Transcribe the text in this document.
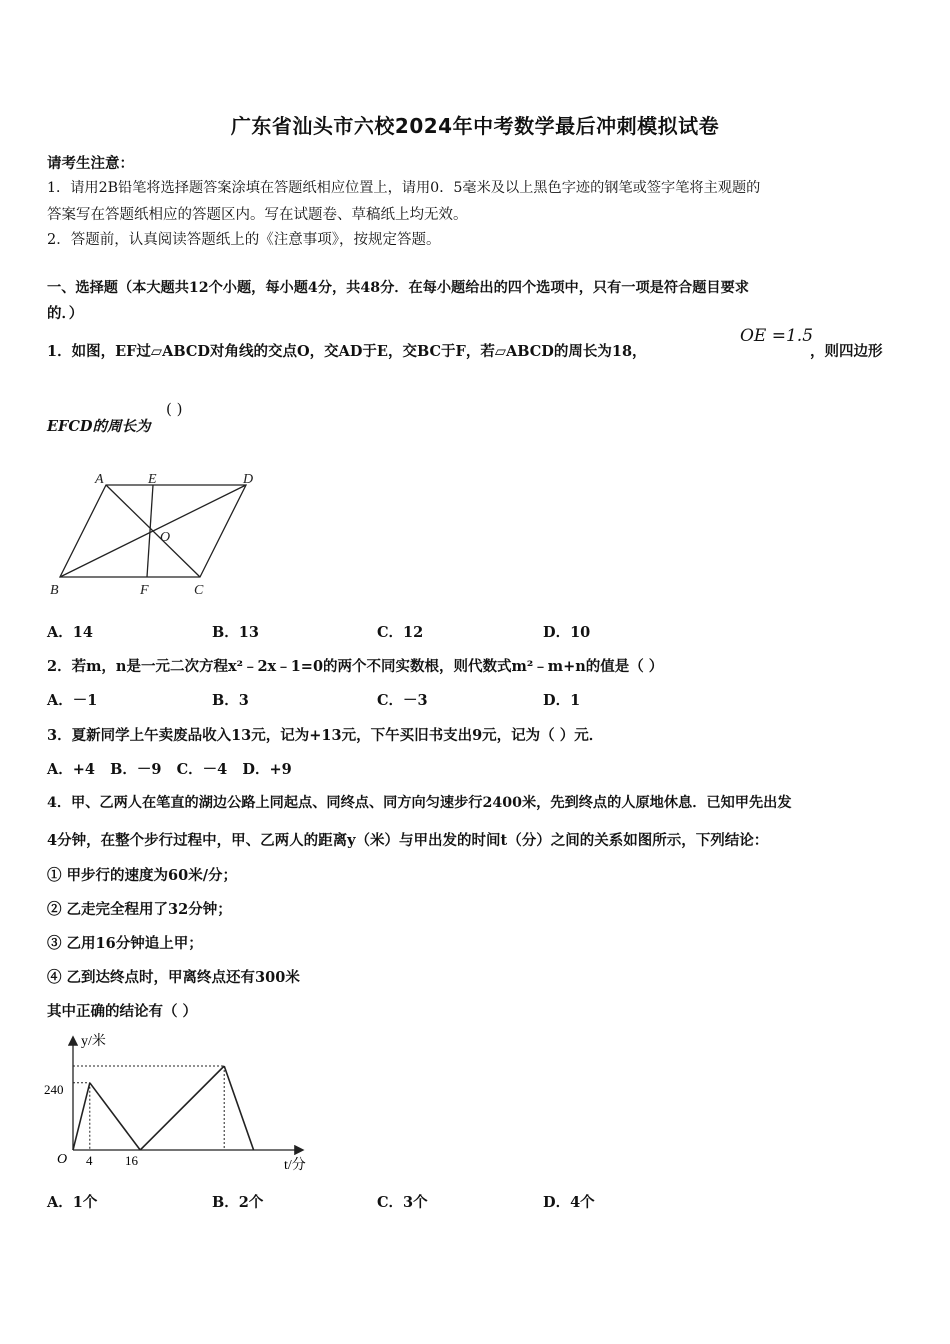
广东省汕头市六校2024年中考数学最后冲刺模拟试卷
请考生注意：
1．请用2B铅笔将选择题答案涂填在答题纸相应位置上，请用0．5毫米及以上黑色字迹的钢笔或签字笔将主观题的
答案写在答题纸相应的答题区内。写在试题卷、草稿纸上均无效。
2．答题前，认真阅读答题纸上的《注意事项》，按规定答题。
一、选择题（本大题共12个小题，每小题4分，共48分．在每小题给出的四个选项中，只有一项是符合题目要求
的．）
1．如图，EF过▱ABCD对角线的交点O，交AD于E，交BC于F，若▱ABCD的周长为18，
OE =1.5
，则四边形
EFCD的周长为
( )
A	E	D
O
B	F	C
A．14	B．13	C．12	D．10
2．若m，n是一元二次方程x²﹣2x﹣1=0的两个不同实数根，则代数式m²﹣m+n的值是（ ）
A．－1	B．3	C．－3	D．1
3．夏新同学上午卖废品收入13元，记为+13元，下午买旧书支出9元，记为（ ）元．
A．+4   B．－9   C．－4   D．+9
4．甲、乙两人在笔直的湖边公路上同起点、同终点、同方向匀速步行2400米，先到终点的人原地休息．已知甲先出发
4分钟，在整个步行过程中，甲、乙两人的距离y（米）与甲出发的时间t（分）之间的关系如图所示，下列结论：
① 甲步行的速度为60米/分；
② 乙走完全程用了32分钟；
③ 乙用16分钟追上甲；
④ 乙到达终点时，甲离终点还有300米
其中正确的结论有（ ）
y/米
t/分
O 4	16
240
A．1个	B．2个	C．3个	D．4个
